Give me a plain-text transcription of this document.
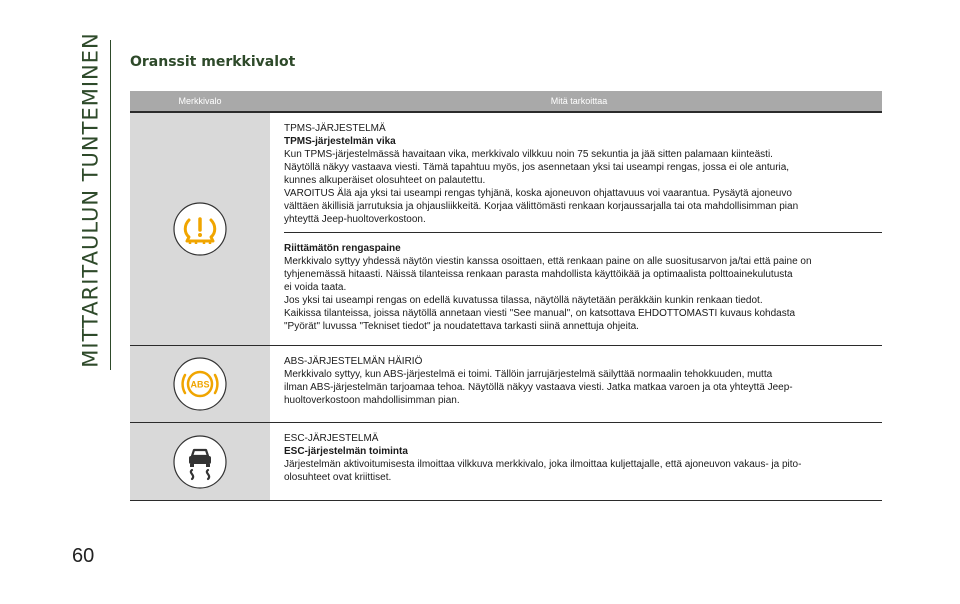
MITTARITAULUN TUNTEMINEN
60
Oranssit merkkivalot
Merkkivalo	Mitä tarkoittaa

TPMS-JÄRJESTELMÄ

TPMS-järjestelmän vika

Kun TPMS-järjestelmässä havaitaan vika, merkkivalo vilkkuu noin 75 sekuntia ja jää sitten palamaan kiinteästi.

Näytöllä näkyy vastaava viesti. Tämä tapahtuu myös, jos asennetaan yksi tai useampi rengas, jossa ei ole anturia,

kunnes alkuperäiset olosuhteet on palautettu.

VAROITUS Älä aja yksi tai useampi rengas tyhjänä, koska ajoneuvon ohjattavuus voi vaarantua. Pysäytä ajoneuvo

välttäen äkillisiä jarrutuksia ja ohjausliikkeitä. Korjaa välittömästi renkaan korjaussarjalla tai ota mahdollisimman pian

yhteyttä Jeep-huoltoverkostoon.

Riittämätön rengaspaine

Merkkivalo syttyy yhdessä näytön viestin kanssa osoittaen, että renkaan paine on alle suositusarvon ja/tai että paine on

tyhjenemässä hitaasti. Näissä tilanteissa renkaan parasta mahdollista käyttöikää ja optimaalista polttoainekulutusta

ei voida taata.

Jos yksi tai useampi rengas on edellä kuvatussa tilassa, näytöllä näytetään peräkkäin kunkin renkaan tiedot.

Kaikissa tilanteissa, joissa näytöllä annetaan viesti "See manual", on katsottava EHDOTTOMASTI kuvaus kohdasta

"Pyörät" luvussa "Tekniset tiedot" ja noudatettava tarkasti siinä annettuja ohjeita.

ABS

ABS-JÄRJESTELMÄN HÄIRIÖ

Merkkivalo syttyy, kun ABS-järjestelmä ei toimi. Tällöin jarrujärjestelmä säilyttää normaalin tehokkuuden, mutta

ilman ABS-järjestelmän tarjoamaa tehoa. Näytöllä näkyy vastaava viesti. Jatka matkaa varoen ja ota yhteyttä Jeep-

huoltoverkostoon mahdollisimman pian.

ESC-JÄRJESTELMÄ

ESC-järjestelmän toiminta

Järjestelmän aktivoitumisesta ilmoittaa vilkkuva merkkivalo, joka ilmoittaa kuljettajalle, että ajoneuvon vakaus- ja pito-

olosuhteet ovat kriittiset.
